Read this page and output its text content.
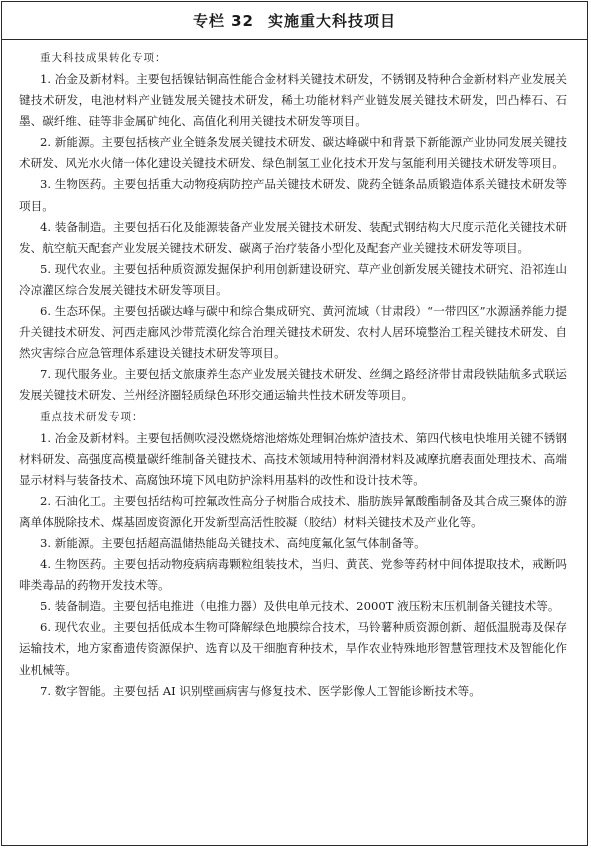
专栏 32 实施重大科技项目
重大科技成果转化专项：

1. 冶金及新材料。主要包括镍钴铜高性能合金材料关键技术研发，不锈钢及特种合金新材料产业发展关键技术研发，电池材料产业链发展关键技术研发，稀土功能材料产业链发展关键技术研发，凹凸棒石、石墨、碳纤维、硅等非金属矿纯化、高值化利用关键技术研发等项目。

2. 新能源。主要包括核产业全链条发展关键技术研发、碳达峰碳中和背景下新能源产业协同发展关键技术研发、风光水火储一体化建设关键技术研发、绿色制氢工业化技术开发与氢能利用关键技术研发等项目。

3. 生物医药。主要包括重大动物疫病防控产品关键技术研发、陇药全链条品质锻造体系关键技术研发等项目。

4. 装备制造。主要包括石化及能源装备产业发展关键技术研发、装配式钢结构大尺度示范化关键技术研发、航空航天配套产业发展关键技术研发、碳离子治疗装备小型化及配套产业关键技术研发等项目。

5. 现代农业。主要包括种质资源发掘保护利用创新建设研究、草产业创新发展关键技术研究、沿祁连山冷凉灌区综合发展关键技术研发等项目。

6. 生态环保。主要包括碳达峰与碳中和综合集成研究、黄河流域（甘肃段）“一带四区”水源涵养能力提升关键技术研发、河西走廊风沙带荒漠化综合治理关键技术研发、农村人居环境整治工程关键技术研发、自然灾害综合应急管理体系建设关键技术研发等项目。

7. 现代服务业。主要包括文旅康养生态产业发展关键技术研发、丝绸之路经济带甘肃段铁陆航多式联运发展关键技术研发、兰州经济圈轻质绿色环形交通运输共性技术研发等项目。

重点技术研发专项：

1. 冶金及新材料。主要包括侧吹浸没燃烧熔池熔炼处理铜冶炼炉渣技术、第四代核电快堆用关键不锈钢材料研发、高强度高模量碳纤维制备关键技术、高技术领域用特种润滑材料及减摩抗磨表面处理技术、高端显示材料与装备技术、高腐蚀环境下风电防护涂料用基料的改性和设计技术等。

2. 石油化工。主要包括结构可控氟改性高分子树脂合成技术、脂肪族异氰酸酯制备及其合成三聚体的游离单体脱除技术、煤基固废资源化开发新型高活性胶凝（胶结）材料关键技术及产业化等。

3. 新能源。主要包括超高温储热能岛关键技术、高纯度氟化氢气体制备等。

4. 生物医药。主要包括动物疫病病毒颗粒组装技术，当归、黄芪、党参等药材中间体提取技术，戒断吗啡类毒品的药物开发技术等。

5. 装备制造。主要包括电推进（电推力器）及供电单元技术、2000T 液压粉末压机制备关键技术等。

6. 现代农业。主要包括低成本生物可降解绿色地膜综合技术，马铃薯种质资源创新、超低温脱毒及保存运输技术，地方家畜遗传资源保护、选育以及干细胞育种技术，旱作农业特殊地形智慧管理技术及智能化作业机械等。

7. 数字智能。主要包括 AI 识别壁画病害与修复技术、医学影像人工智能诊断技术等。
